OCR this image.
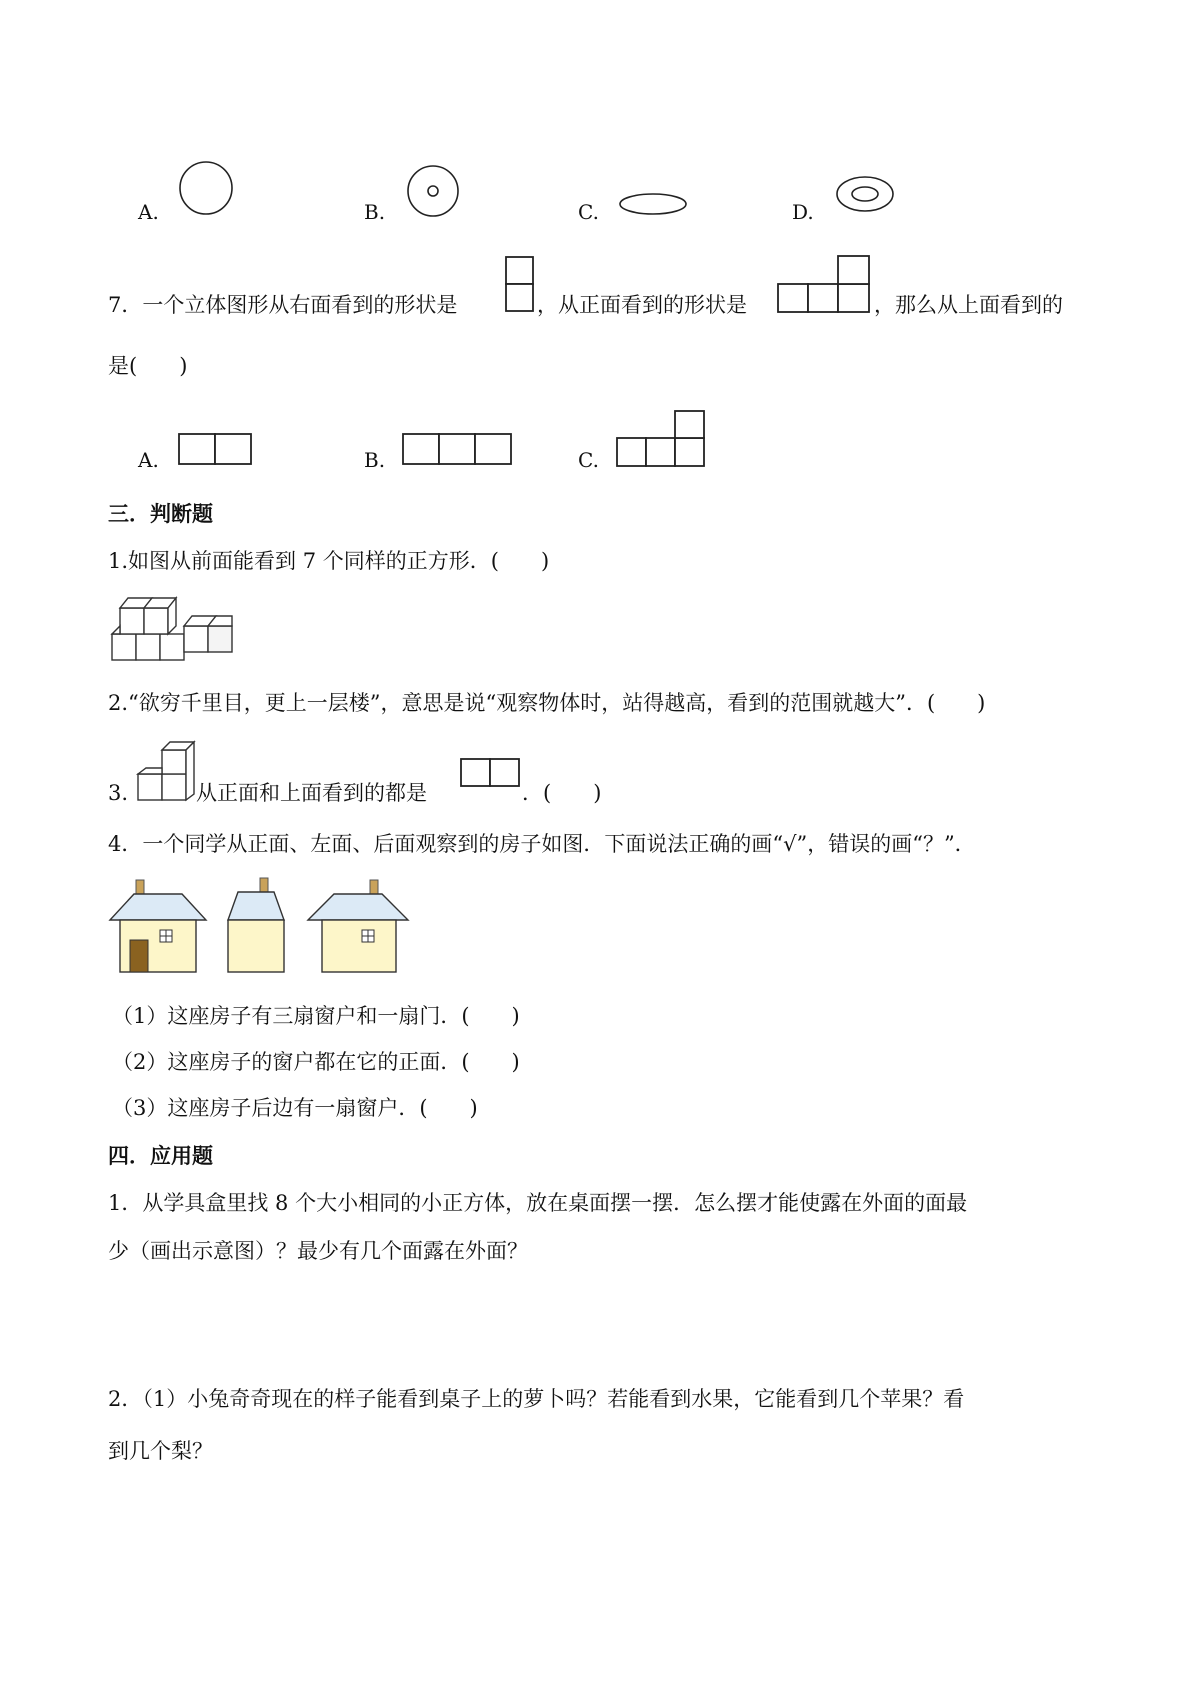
A.	B.	C.	D.
7．一个立体图形从右面看到的形状是	，从正面看到的形状是	，那么从上面看到的
是(　　)
A.	B.	C.
三．判断题
1.如图从前面能看到 7 个同样的正方形．(　　)
2.“欲穷千里目，更上一层楼”，意思是说“观察物体时，站得越高，看到的范围就越大”．(　　)
3.	从正面和上面看到的都是	．(　　)
4．一个同学从正面、左面、后面观察到的房子如图．下面说法正确的画“√”，错误的画“？”．
（1）这座房子有三扇窗户和一扇门．(　　)
（2）这座房子的窗户都在它的正面．(　　)
（3）这座房子后边有一扇窗户．(　　)
四．应用题
1．从学具盒里找 8 个大小相同的小正方体，放在桌面摆一摆．怎么摆才能使露在外面的面最
少（画出示意图）？最少有几个面露在外面？
2．（1）小兔奇奇现在的样子能看到桌子上的萝卜吗？若能看到水果，它能看到几个苹果？看
到几个梨？
